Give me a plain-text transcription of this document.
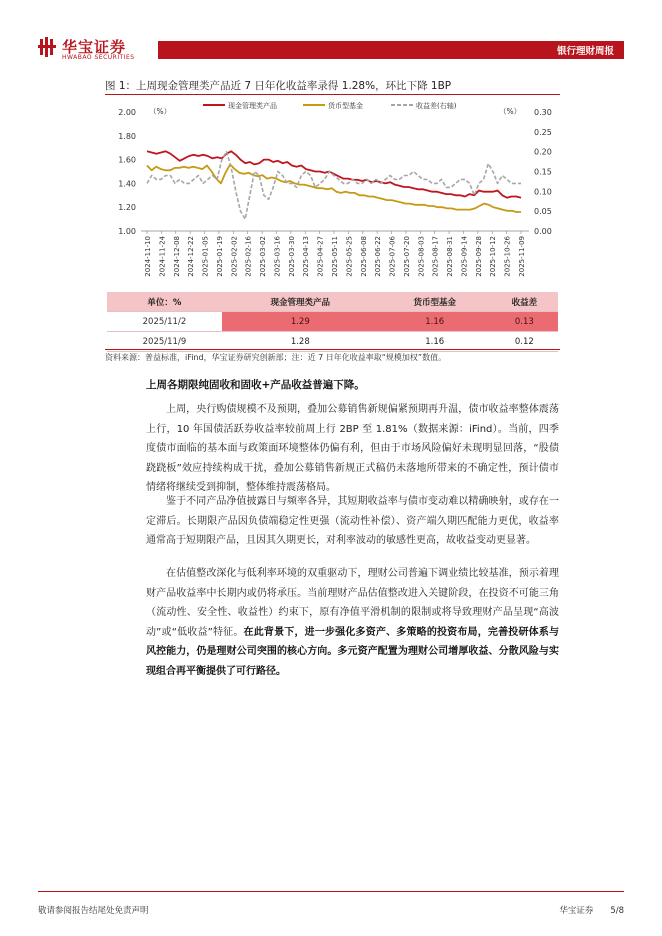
华宝证券
HWABAO SECURITIES
银行理财周报
图 1：上周现金管理类产品近 7 日年化收益率录得 1.28%，环比下降 1BP
2.00
1.80
1.60
1.40
1.20
1.00
0.30
0.25
0.20
0.15
0.10
0.05
0.00
（%）	（%）
2024-11-10 2024-11-24 2024-12-08 2024-12-22 2025-01-05 2025-01-19 2025-02-02 2025-02-16 2025-03-02 2025-03-16 2025-03-30 2025-04-13 2025-04-27 2025-05-11 2025-05-25 2025-06-08 2025-06-22 2025-07-06 2025-07-20 2025-08-03 2025-08-17 2025-08-31 2025-09-14 2025-09-28 2025-10-12 2025-10-26 2025-11-09
现金管理类产品	货币型基金	收益差(右轴)
单位：%	现金管理类产品	货币型基金	收益差
2025/11/2	1.29	1.16	0.13
2025/11/9	1.28	1.16	0.12
资料来源：普益标准，iFind，华宝证券研究创新部；注：近 7 日年化收益率取“规模加权”数值。
上周各期限纯固收和固收+产品收益普遍下降。

上周，央行购债规模不及预期，叠加公募销售新规偏紧预期再升温，债市收益率整体震荡上行，10 年国债活跃券收益率较前周上行 2BP 至 1.81%（数据来源：iFind）。当前，四季度债市面临的基本面与政策面环境整体仍偏有利，但由于市场风险偏好未现明显回落，“股债跷跷板”效应持续构成干扰，叠加公募销售新规正式稿仍未落地所带来的不确定性，预计债市情绪将继续受到抑制，整体维持震荡格局。

鉴于不同产品净值披露日与频率各异，其短期收益率与债市变动难以精确映射，或存在一定滞后。长期限产品因负债端稳定性更强（流动性补偿）、资产端久期匹配能力更优，收益率通常高于短期限产品，且因其久期更长，对利率波动的敏感性更高，故收益变动更显著。

在估值整改深化与低利率环境的双重驱动下，理财公司普遍下调业绩比较基准，预示着理财产品收益率中长期内或仍将承压。当前理财产品估值整改进入关键阶段，在投资不可能三角（流动性、安全性、收益性）约束下，原有净值平滑机制的限制或将导致理财产品呈现“高波动”或“低收益”特征。在此背景下，进一步强化多资产、多策略的投资布局，完善投研体系与风控能力，仍是理财公司突围的核心方向。多元资产配置为理财公司增厚收益、分散风险与实现组合再平衡提供了可行路径。

敬请参阅报告结尾处免责声明	华宝证券　　5/8
